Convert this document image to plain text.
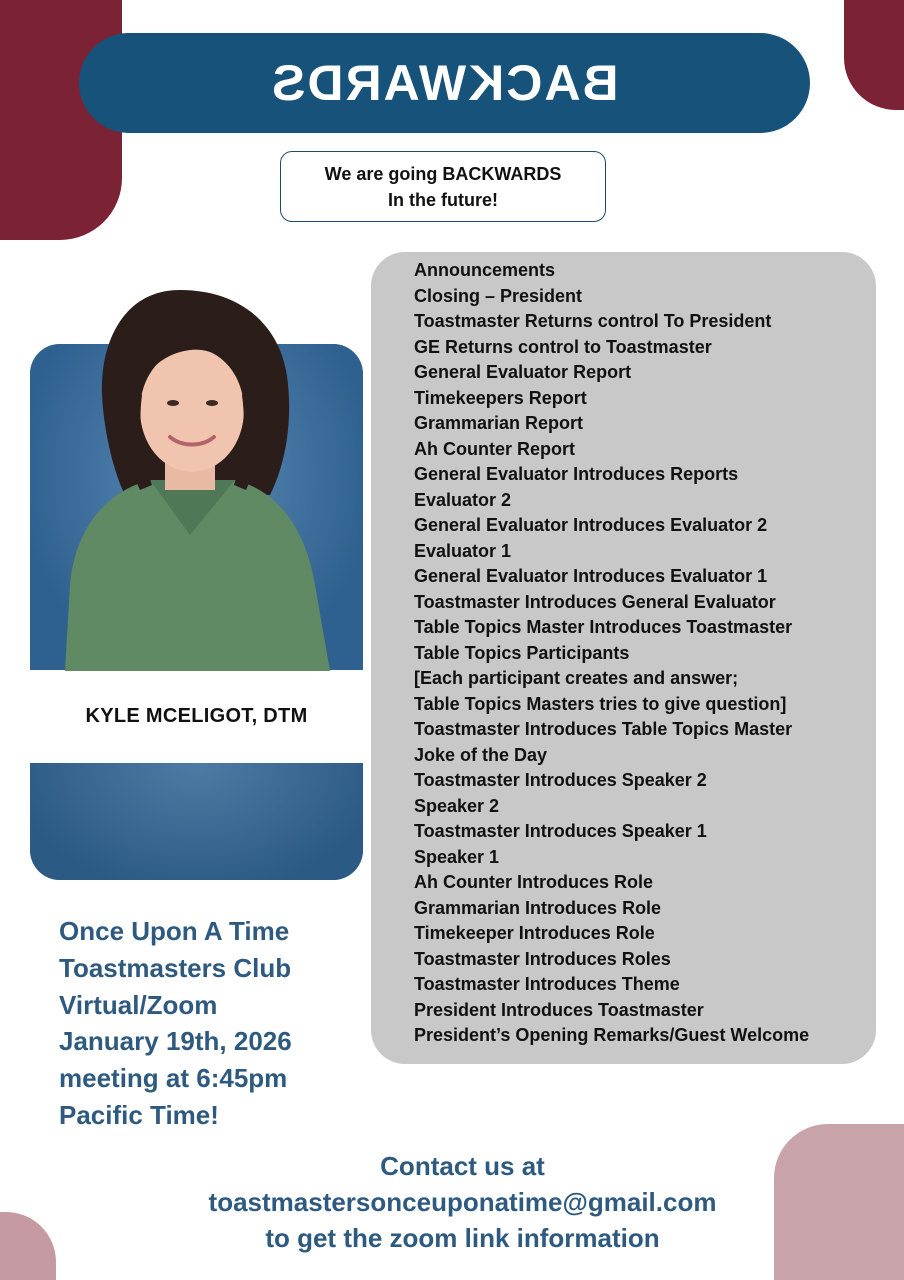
BACKWARDS
We are going BACKWARDS
In the future!
KYLE MCELIGOT, DTM
Announcements
Closing – President
Toastmaster Returns control To President
GE Returns control to Toastmaster
General Evaluator Report
Timekeepers Report
Grammarian Report
Ah Counter Report
General Evaluator Introduces Reports
Evaluator 2
General Evaluator Introduces Evaluator 2
Evaluator 1
General Evaluator Introduces Evaluator 1
Toastmaster Introduces General Evaluator
Table Topics Master Introduces Toastmaster
Table Topics Participants
[Each participant creates and answer;
Table Topics Masters tries to give question]
Toastmaster Introduces Table Topics Master
Joke of the Day
Toastmaster Introduces Speaker 2
Speaker 2
Toastmaster Introduces Speaker 1
Speaker 1
Ah Counter Introduces Role
Grammarian Introduces Role
Timekeeper Introduces Role
Toastmaster Introduces Roles
Toastmaster Introduces Theme
President Introduces Toastmaster
President’s Opening Remarks/Guest Welcome
Once Upon A Time
Toastmasters Club
Virtual/Zoom
January 19th, 2026
meeting at 6:45pm
Pacific Time!
Contact us at
toastmastersonceuponatime@gmail.com
to get the zoom link information
